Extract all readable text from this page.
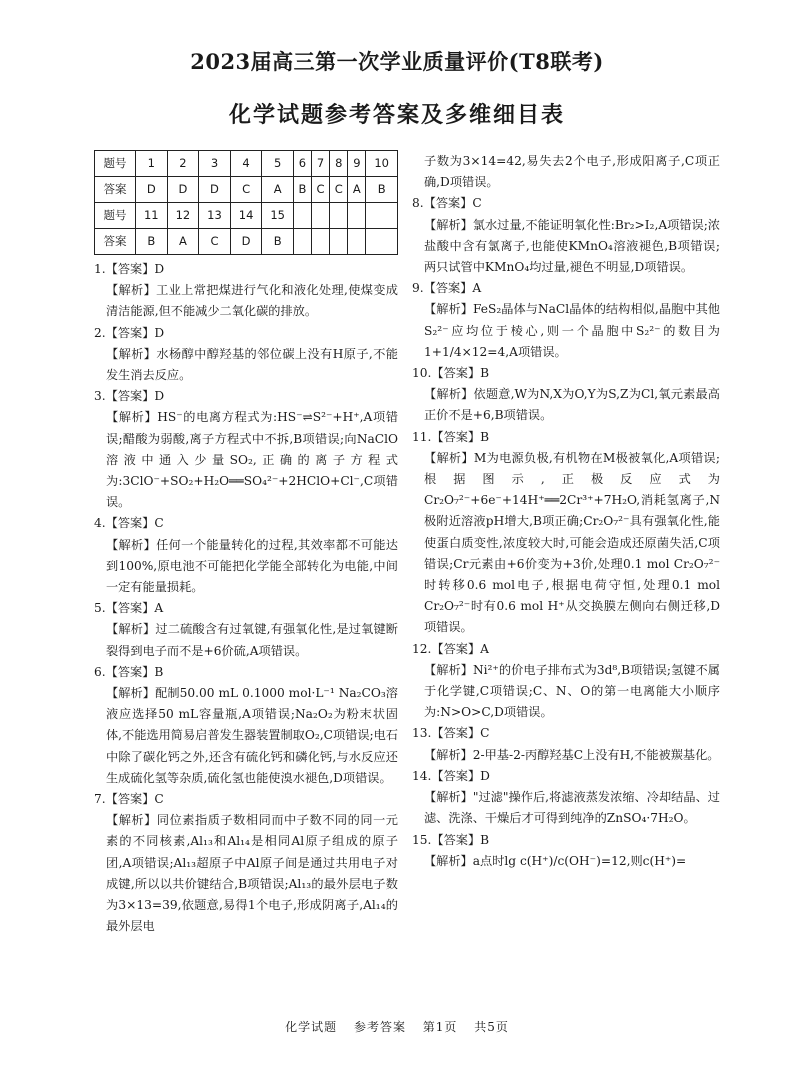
2023届高三第一次学业质量评价(T8联考)
化学试题参考答案及多维细目表
题号	1	2	3	4	5	6	7	8	9	10
答案	D	D	D	C	A	B	C	C	A	B
题号	11	12	13	14	15					
答案	B	A	C	D	B					
1.【答案】D
【解析】工业上常把煤进行气化和液化处理,使煤变成清洁能源,但不能减少二氧化碳的排放。
2.【答案】D
【解析】水杨醇中醇羟基的邻位碳上没有H原子,不能发生消去反应。
3.【答案】D
【解析】HS⁻的电离方程式为:HS⁻⇌S²⁻+H⁺,A项错误;醋酸为弱酸,离子方程式中不拆,B项错误;向NaClO溶液中通入少量SO₂,正确的离子方程式为:3ClO⁻+SO₂+H₂O══SO₄²⁻+2HClO+Cl⁻,C项错误。
4.【答案】C
【解析】任何一个能量转化的过程,其效率都不可能达到100%,原电池不可能把化学能全部转化为电能,中间一定有能量损耗。
5.【答案】A
【解析】过二硫酸含有过氧键,有强氧化性,是过氧键断裂得到电子而不是+6价硫,A项错误。
6.【答案】B
【解析】配制50.00 mL 0.1000 mol·L⁻¹ Na₂CO₃溶液应选择50 mL容量瓶,A项错误;Na₂O₂为粉末状固体,不能选用简易启普发生器装置制取O₂,C项错误;电石中除了碳化钙之外,还含有硫化钙和磷化钙,与水反应还生成硫化氢等杂质,硫化氢也能使溴水褪色,D项错误。
7.【答案】C
【解析】同位素指质子数相同而中子数不同的同一元素的不同核素,Al₁₃和Al₁₄是相同Al原子组成的原子团,A项错误;Al₁₃超原子中Al原子间是通过共用电子对成键,所以以共价键结合,B项错误;Al₁₃的最外层电子数为3×13=39,依题意,易得1个电子,形成阴离子,Al₁₄的最外层电
子数为3×14=42,易失去2个电子,形成阳离子,C项正确,D项错误。
8.【答案】C
【解析】氯水过量,不能证明氧化性:Br₂>I₂,A项错误;浓盐酸中含有氯离子,也能使KMnO₄溶液褪色,B项错误;两只试管中KMnO₄均过量,褪色不明显,D项错误。
9.【答案】A
【解析】FeS₂晶体与NaCl晶体的结构相似,晶胞中其他S₂²⁻应均位于棱心,则一个晶胞中S₂²⁻的数目为1+1/4×12=4,A项错误。
10.【答案】B
【解析】依题意,W为N,X为O,Y为S,Z为Cl,氧元素最高正价不是+6,B项错误。
11.【答案】B
【解析】M为电源负极,有机物在M极被氧化,A项错误;根据图示,正极反应式为Cr₂O₇²⁻+6e⁻+14H⁺══2Cr³⁺+7H₂O,消耗氢离子,N极附近溶液pH增大,B项正确;Cr₂O₇²⁻具有强氧化性,能使蛋白质变性,浓度较大时,可能会造成还原菌失活,C项错误;Cr元素由+6价变为+3价,处理0.1 mol Cr₂O₇²⁻时转移0.6 mol电子,根据电荷守恒,处理0.1 mol Cr₂O₇²⁻时有0.6 mol H⁺从交换膜左侧向右侧迁移,D项错误。
12.【答案】A
【解析】Ni²⁺的价电子排布式为3d⁸,B项错误;氢键不属于化学键,C项错误;C、N、O的第一电离能大小顺序为:N>O>C,D项错误。
13.【答案】C
【解析】2-甲基-2-丙醇羟基C上没有H,不能被羰基化。
14.【答案】D
【解析】"过滤"操作后,将滤液蒸发浓缩、冷却结晶、过滤、洗涤、干燥后才可得到纯净的ZnSO₄·7H₂O。
15.【答案】B
【解析】a点时lg c(H⁺)/c(OH⁻)=12,则c(H⁺)=
化学试题 参考答案 第1页 共5页
